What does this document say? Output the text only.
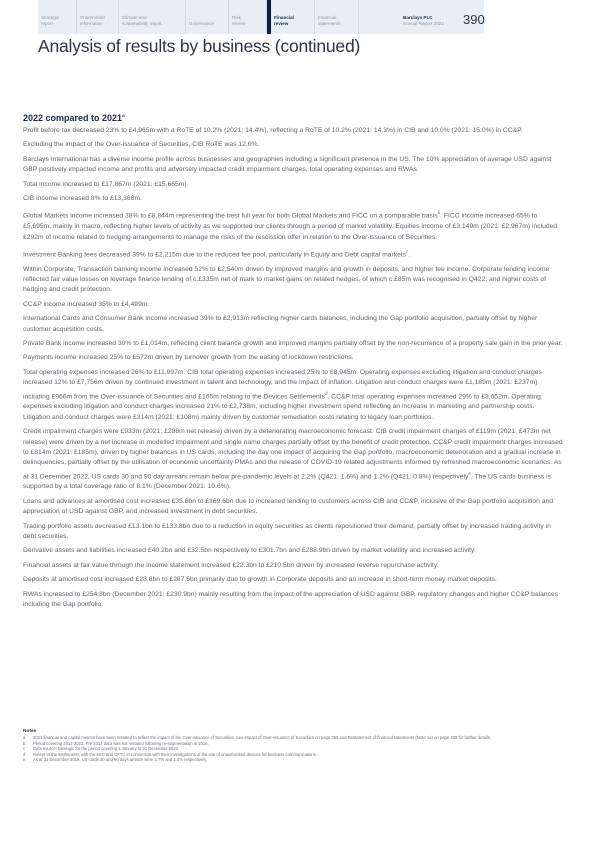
Strategic
report
Shareholder
information
Climate and
sustainability report
	Governance
Risk
review
Financial
review
Financial
statements
Barclays PLC
Annual Report 2022 390
Analysis of results by business (continued)
2022 compared to 2021$^a$

Profit before tax decreased 23% to £4,965m with a RoTE of 10.2% (2021: 14.4%), reflecting a RoTE of 10.2% (2021: 14.3%) in CIB and 10.0% (2021: 15.0%) in CC&P.

Excluding the impact of the Over-issuance of Securities, CIB RoTE was 12.0%.

Barclays International has a diverse income profile across businesses and geographies including a significant presence in the US. The 10% appreciation of average USD against GBP positively impacted income and profits and adversely impacted credit impairment charges, total operating expenses and RWAs.

Total income increased to £17,867m (2021: £15,665m).

CIB income increased 8% to £13,368m.

Global Markets income increased 38% to £8,844m representing the best full year for both Global Markets and FICC on a comparable basis$^b$. FICC income increased 65% to £5,695m, mainly in macro, reflecting higher levels of activity as we supported our clients through a period of market volatility. Equities income of £3,149m (2021: £2,967m) included £292m of income related to hedging arrangements to manage the risks of the rescission offer in relation to the Over-issuance of Securities.

Investment Banking fees decreased 39% to £2,215m due to the reduced fee pool, particularly in Equity and Debt capital markets$^c$.

Within Corporate, Transaction banking income increased 52% to £2,540m driven by improved margins and growth in deposits, and higher fee income. Corporate lending income reflected fair value losses on leverage finance lending of c.£335m net of mark to market gains on related hedges, of which c.£85m was recognised in Q422, and higher costs of hedging and credit protection.

CC&P income increased 35% to £4,499m.

International Cards and Consumer Bank income increased 39% to £2,913m reflecting higher cards balances, including the Gap portfolio acquisition, partially offset by higher customer acquisition costs.

Private Bank income increased 30% to £1,014m, reflecting client balance growth and improved margins partially offset by the non-recurrence of a property sale gain in the prior year.

Payments income increased 25% to £572m driven by turnover growth from the easing of lockdown restrictions.

Total operating expenses increased 26% to £11,997m. CIB total operating expenses increased 25% to £8,945m. Operating expenses excluding litigation and conduct charges increased 12% to £7,756m driven by continued investment in talent and technology, and the impact of inflation. Litigation and conduct charges were £1,189m (2021: £237m) including £966m from the Over-issuance of Securities and £165m relating to the Devices Settlements$^d$. CC&P total operating expenses increased 29% to £3,052m. Operating expenses excluding litigation and conduct charges increased 21% to £2,738m, including higher investment spend reflecting an increase in marketing and partnership costs. Litigation and conduct charges were £314m (2021: £108m) mainly driven by customer remediation costs relating to legacy loan portfolios.

Credit impairment charges were £933m (2021: £288m net release) driven by a deteriorating macroeconomic forecast. CIB credit impairment charges of £119m (2021: £473m net release) were driven by a net increase in modelled impairment and single name charges partially offset by the benefit of credit protection. CC&P credit impairment charges increased to £814m (2021: £185m), driven by higher balances in US cards, including the day one impact of acquiring the Gap portfolio, macroeconomic deterioration and a gradual increase in delinquencies, partially offset by the utilisation of economic uncertainty PMAs and the release of COVID-19 related adjustments informed by refreshed macroeconomic scenarios. As at 31 December 2022, US cards 30 and 90 day arrears remain below pre-pandemic levels at 2.2% (Q421: 1.6%) and 1.2% (Q421: 0.8%) respectively$^e$. The US cards business is supported by a total coverage ratio of 8.1% (December 2021: 10.6%).

Loans and advances at amortised cost increased £35.8bn to £169.6bn due to increased lending to customers across CIB and CC&P, inclusive of the Gap portfolio acquisition and appreciation of USD against GBP, and increased investment in debt securities.

Trading portfolio assets decreased £13.1bn to £133.8bn due to a reduction in equity securities as clients repositioned their demand, partially offset by increased trading activity in debt securities.

Derivative assets and liabilities increased £40.2bn and £32.5bn respectively to £301.7bn and £288.9bn driven by market volatility and increased activity.

Financial assets at fair value through the income statement increased £22.3bn to £210.5bn driven by increased reverse repurchase activity.

Deposits at amortised cost increased £28.8bn to £287.6bn primarily due to growth in Corporate deposits and an increase in short-term money market deposits.

RWAs increased to £254.8bn (December 2021: £230.9bn) mainly resulting from the impact of the appreciation of USD against GBP, regulatory changes and higher CC&P balances including the Gap portfolio.

Notes
a	2021 financial and capital metrics have been restated to reflect the impact of the Over-issuance of Securities. See impact of Over-issuance of Securities on page 356 and Restatement of financial statements (Note 1a) on page 428 for further details.
b	Period covering 2014-2022. Pre 2014 data was not restated following re-segmentation in 2016.
c	Data source: Dealogic for the period covering 1 January to 31 December 2022.
d	Refers to the settlements with the SEC and CFTC in connection with their investigations of the use of unauthorised devices for business communications.
e	As at 31 December 2019, US cards 30 and 90 days arrears were 2.7% and 1.4% respectively.
